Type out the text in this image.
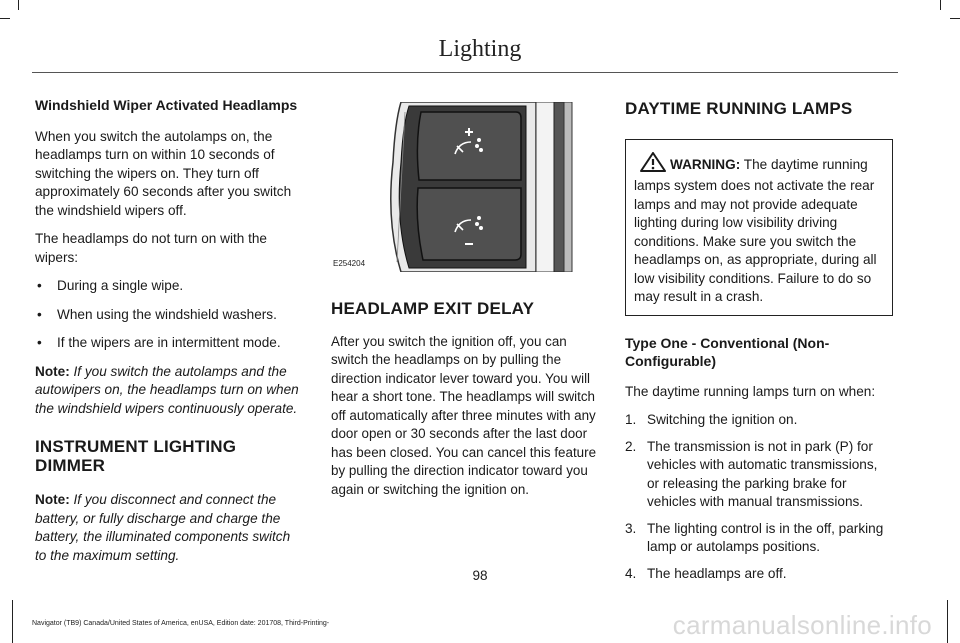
Lighting
Windshield Wiper Activated Headlamps

When you switch the autolamps on, the headlamps turn on within 10 seconds of switching the wipers on. They turn off approximately 60 seconds after you switch the windshield wipers off.

The headlamps do not turn on with the wipers:

• During a single wipe.
• When using the windshield washers.
• If the wipers are in intermittent mode.

Note: If you switch the autolamps and the autowipers on, the headlamps turn on when the windshield wipers continuously operate.

INSTRUMENT LIGHTING DIMMER

Note: If you disconnect and connect the battery, or fully discharge and charge the battery, the illuminated components switch to the maximum setting.

E254204
HEADLAMP EXIT DELAY

After you switch the ignition off, you can switch the headlamps on by pulling the direction indicator lever toward you. You will hear a short tone. The headlamps will switch off automatically after three minutes with any door open or 30 seconds after the last door has been closed. You can cancel this feature by pulling the direction indicator toward you again or switching the ignition on.

DAYTIME RUNNING LAMPS
WARNING: The daytime running lamps system does not activate the rear lamps and may not provide adequate lighting during low visibility driving conditions. Make sure you switch the headlamps on, as appropriate, during all low visibility conditions. Failure to do so may result in a crash.
Type One - Conventional (Non-Configurable)

The daytime running lamps turn on when:

1. Switching the ignition on.
2. The transmission is not in park (P) for vehicles with automatic transmissions, or releasing the parking brake for vehicles with manual transmissions.
3. The lighting control is in the off, parking lamp or autolamps positions.
4. The headlamps are off.
98
Navigator (TB9) Canada/United States of America, enUSA, Edition date: 201708, Third-Printing-	carmanualsonline.info
